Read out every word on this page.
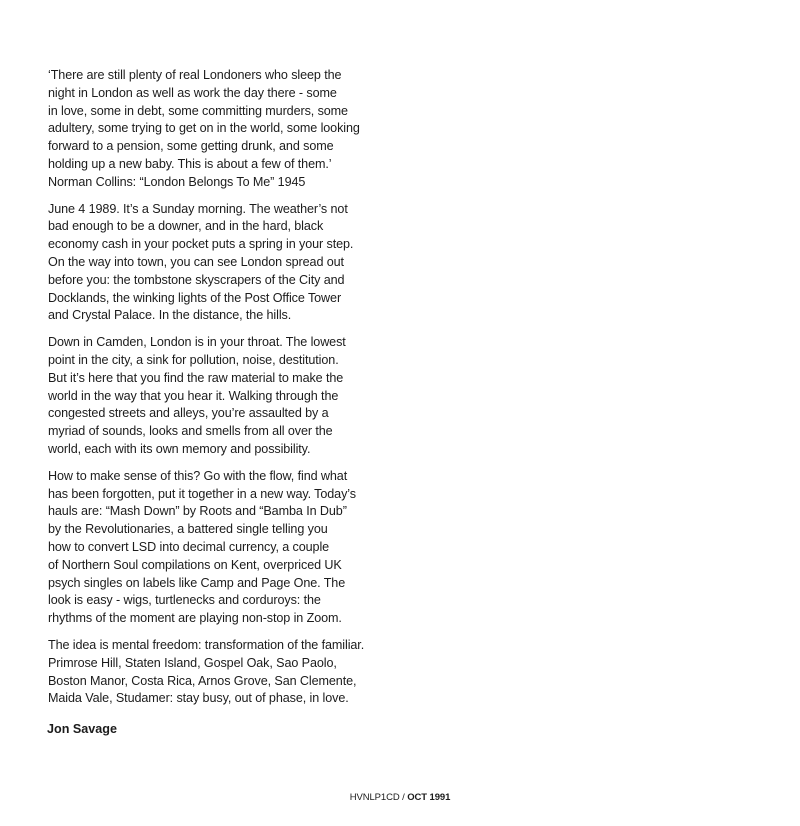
‘There are still plenty of real Londoners who sleep the
night in London as well as work the day there - some
in love, some in debt, some committing murders, some
adultery, some trying to get on in the world, some looking
forward to a pension, some getting drunk, and some
holding up a new baby. This is about a few of them.’
Norman Collins: “London Belongs To Me” 1945

June 4 1989. It’s a Sunday morning. The weather’s not
bad enough to be a downer, and in the hard, black
economy cash in your pocket puts a spring in your step.
On the way into town, you can see London spread out
before you: the tombstone skyscrapers of the City and
Docklands, the winking lights of the Post Office Tower
and Crystal Palace. In the distance, the hills.

Down in Camden, London is in your throat. The lowest
point in the city, a sink for pollution, noise, destitution.
But it’s here that you find the raw material to make the
world in the way that you hear it. Walking through the
congested streets and alleys, you’re assaulted by a
myriad of sounds, looks and smells from all over the
world, each with its own memory and possibility.

How to make sense of this? Go with the flow, find what
has been forgotten, put it together in a new way. Today’s
hauls are: “Mash Down” by Roots and “Bamba In Dub”
by the Revolutionaries, a battered single telling you
how to convert LSD into decimal currency, a couple
of Northern Soul compilations on Kent, overpriced UK
psych singles on labels like Camp and Page One. The
look is easy - wigs, turtlenecks and corduroys: the
rhythms of the moment are playing non-stop in Zoom.

The idea is mental freedom: transformation of the familiar.
Primrose Hill, Staten Island, Gospel Oak, Sao Paolo,
Boston Manor, Costa Rica, Arnos Grove, San Clemente,
Maida Vale, Studamer: stay busy, out of phase, in love.

Jon Savage
HVNLP1CD / OCT 1991
